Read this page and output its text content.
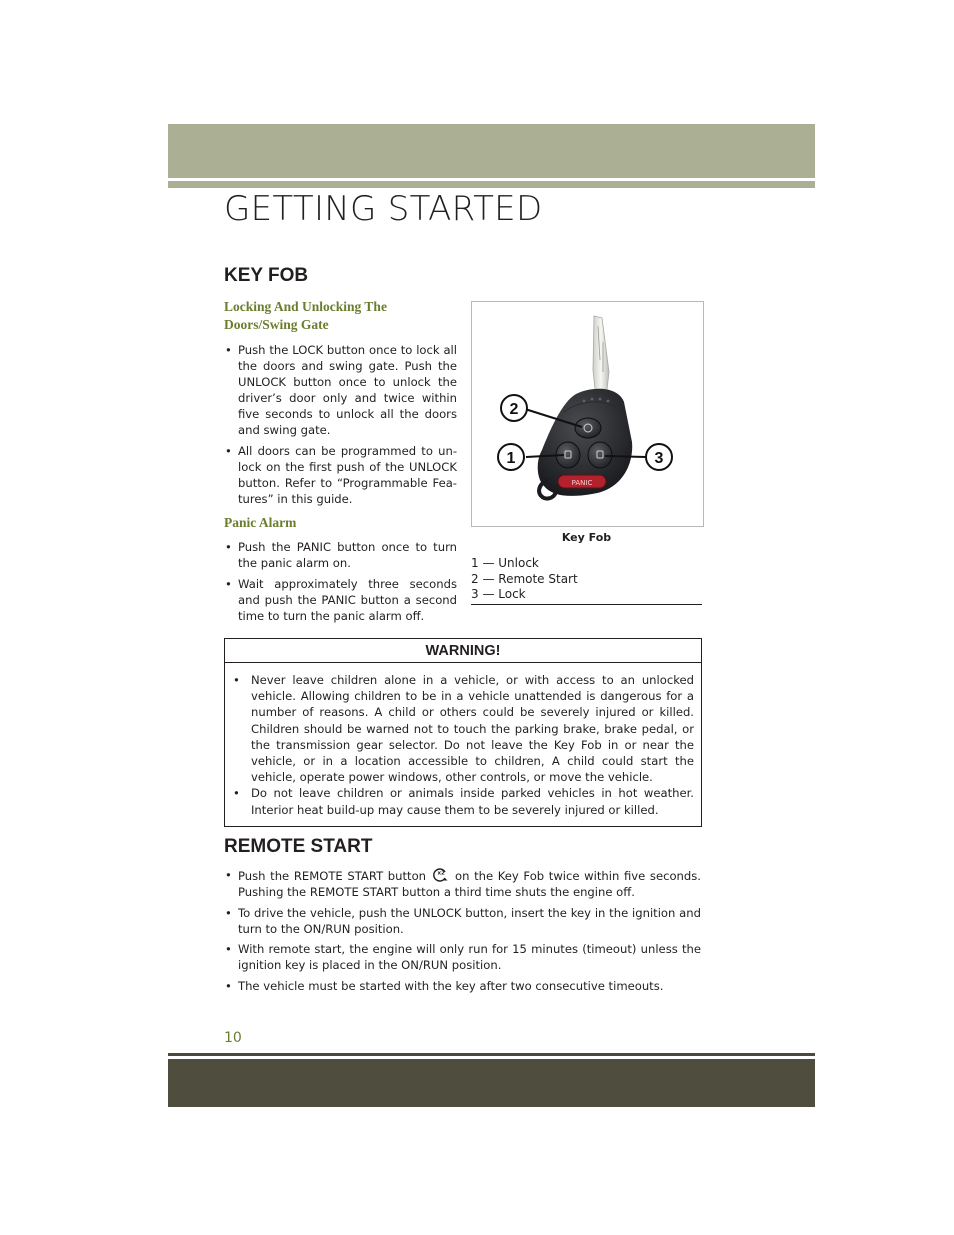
GETTING STARTED
KEY FOB
Locking And Unlocking The
Doors/Swing Gate
• Push the LOCK button once to lock all the doors and swing gate. Push the UNLOCK button once to unlock the driver’s door only and twice within five seconds to unlock all the doors and swing gate.
• All doors can be programmed to un-lock on the first push of the UNLOCK button. Refer to “Programmable Fea-tures” in this guide.
Panic Alarm
• Push the PANIC button once to turn the panic alarm on.
• Wait approximately three seconds and push the PANIC button a second time to turn the panic alarm off.
PANIC
2
1	3
Key Fob
1 — Unlock
2 — Remote Start
3 — Lock
WARNING!
• Never leave children alone in a vehicle, or with access to an unlocked vehicle. Allowing children to be in a vehicle unattended is dangerous for a number of reasons. A child or others could be severely injured or killed. Children should be warned not to touch the parking brake, brake pedal, or the transmission gear selector. Do not leave the Key Fob in or near the vehicle, or in a location accessible to children, A child could start the vehicle, operate power windows, other controls, or move the vehicle.
• Do not leave children or animals inside parked vehicles in hot weather. Interior heat build-up may cause them to be severely injured or killed.
REMOTE START
• Push the REMOTE START button x2 on the Key Fob twice within five seconds. Pushing the REMOTE START button a third time shuts the engine off.
• To drive the vehicle, push the UNLOCK button, insert the key in the ignition and turn to the ON/RUN position.
• With remote start, the engine will only run for 15 minutes (timeout) unless the ignition key is placed in the ON/RUN position.
• The vehicle must be started with the key after two consecutive timeouts.
10
